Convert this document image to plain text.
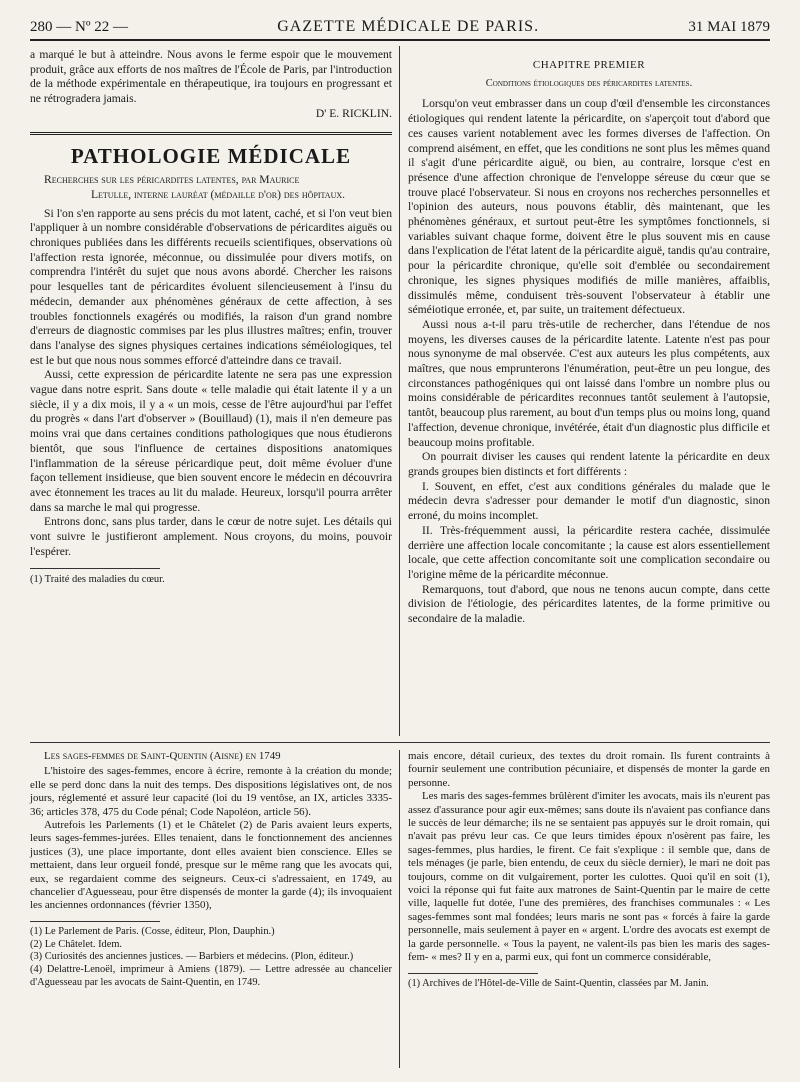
280 — Nº 22 —	GAZETTE MÉDICALE DE PARIS.	31 MAI 1879

a marqué le but à atteindre. Nous avons le ferme espoir que le mouvement produit, grâce aux efforts de nos maîtres de l'École de Paris, par l'introduction de la méthode expérimentale en thérapeutique, ira toujours en progressant et ne rétrogradera jamais.

D' E. RICKLIN.

PATHOLOGIE MÉDICALE

Recherches sur les péricardites latentes, par Maurice
Letulle, interne lauréat (médaille d'or) des hôpitaux.

Si l'on s'en rapporte au sens précis du mot latent, caché, et si l'on veut bien l'appliquer à un nombre considérable d'observations de péricardites aiguës ou chroniques publiées dans les différents recueils scientifiques, observations où l'affection resta ignorée, méconnue, ou dissimulée pour divers motifs, on comprendra l'intérêt du sujet que nous avons abordé. Chercher les raisons pour lesquelles tant de péricardites évoluent silencieusement à l'insu du médecin, demander aux phénomènes généraux de cette affection, à ses troubles fonctionnels exagérés ou modifiés, la raison d'un grand nombre d'erreurs de diagnostic commises par les plus illustres maîtres; enfin, trouver dans l'analyse des signes physiques certaines indications séméiologiques, tel est le but que nous nous sommes efforcé d'atteindre dans ce travail.

Aussi, cette expression de péricardite latente ne sera pas une expression vague dans notre esprit. Sans doute « telle maladie qui était latente il y a un siècle, il y a dix mois, il y a « un mois, cesse de l'être aujourd'hui par l'effet du progrès « dans l'art d'observer » (Bouillaud) (1), mais il n'en demeure pas moins vrai que dans certaines conditions pathologiques que nous étudierons bientôt, que sous l'influence de certaines dispositions anatomiques l'inflammation de la séreuse péricardique peut, doit même évoluer d'une façon tellement insidieuse, que bien souvent encore le médecin en découvrira avec étonnement les traces au lit du malade. Heureux, lorsqu'il pourra arrêter dans sa marche le mal qui progresse.

Entrons donc, sans plus tarder, dans le cœur de notre sujet. Les détails qui vont suivre le justifieront amplement. Nous croyons, du moins, pouvoir l'espérer.

(1) Traité des maladies du cœur.

CHAPITRE PREMIER
Conditions étiologiques des péricardites latentes.

Lorsqu'on veut embrasser dans un coup d'œil d'ensemble les circonstances étiologiques qui rendent latente la péricardite, on s'aperçoit tout d'abord que ces causes varient notablement avec les formes diverses de l'affection. On comprend aisément, en effet, que les conditions ne sont plus les mêmes quand il s'agit d'une péricardite aiguë, ou bien, au contraire, lorsque c'est en présence d'une affection chronique de l'enveloppe séreuse du cœur que se trouve placé l'observateur. Si nous en croyons nos recherches personnelles et l'opinion des auteurs, nous pouvons établir, dès maintenant, que les phénomènes généraux, et surtout peut-être les symptômes fonctionnels, si variables suivant chaque forme, doivent être le plus souvent mis en cause dans l'explication de l'état latent de la péricardite aiguë, tandis qu'au contraire, pour la péricardite chronique, qu'elle soit d'emblée ou secondairement chronique, les signes physiques modifiés de mille manières, affaiblis, dissimulés même, conduisent très-souvent l'observateur à établir une séméiotique erronée, et, par suite, un traitement défectueux.

Aussi nous a-t-il paru très-utile de rechercher, dans l'étendue de nos moyens, les diverses causes de la péricardite latente. Latente n'est pas pour nous synonyme de mal observée. C'est aux auteurs les plus compétents, aux maîtres, que nous emprunterons l'énumération, peut-être un peu longue, des circonstances pathogéniques qui ont laissé dans l'ombre un nombre plus ou moins considérable de péricardites reconnues tantôt seulement à l'autopsie, tantôt, beaucoup plus rarement, au bout d'un temps plus ou moins long, quand l'affection, devenue chronique, invétérée, était d'un diagnostic plus difficile et beaucoup moins profitable.

On pourrait diviser les causes qui rendent latente la péricardite en deux grands groupes bien distincts et fort différents :

I. Souvent, en effet, c'est aux conditions générales du malade que le médecin devra s'adresser pour demander le motif d'un diagnostic, sinon erroné, du moins incomplet.

II. Très-fréquemment aussi, la péricardite restera cachée, dissimulée derrière une affection locale concomitante ; la cause est alors essentiellement locale, que cette affection concomitante soit une complication secondaire ou l'origine même de la péricardite méconnue.

Remarquons, tout d'abord, que nous ne tenons aucun compte, dans cette division de l'étiologie, des péricardites latentes, de la forme primitive ou secondaire de la maladie.

Les sages-femmes de Saint-Quentin (Aisne) en 1749

L'histoire des sages-femmes, encore à écrire, remonte à la création du monde; elle se perd donc dans la nuit des temps. Des dispositions législatives ont, de nos jours, réglementé et assuré leur capacité (loi du 19 ventôse, an IX, articles 3335-36; articles 378, 475 du Code pénal; Code Napoléon, article 56).

Autrefois les Parlements (1) et le Châtelet (2) de Paris avaient leurs experts, leurs sages-femmes-jurées. Elles tenaient, dans le fonctionnement des anciennes justices (3), une place importante, dont elles avaient bien conscience. Elles se mettaient, dans leur orgueil fondé, presque sur le même rang que les avocats qui, eux, se regardaient comme des seigneurs. Ceux-ci s'adressaient, en 1749, au chancelier d'Aguesseau, pour être dispensés de monter la garde (4); ils invoquaient les anciennes ordonnances (février 1350),

(1) Le Parlement de Paris. (Cosse, éditeur, Plon, Dauphin.)

(2) Le Châtelet. Idem.

(3) Curiosités des anciennes justices. — Barbiers et médecins. (Plon, éditeur.)

(4) Delattre-Lenoël, imprimeur à Amiens (1879). — Lettre adressée au chancelier d'Aguesseau par les avocats de Saint-Quentin, en 1749.

mais encore, détail curieux, des textes du droit romain. Ils furent contraints à fournir seulement une contribution pécuniaire, et dispensés de monter la garde en personne.

Les maris des sages-femmes brûlèrent d'imiter les avocats, mais ils n'eurent pas assez d'assurance pour agir eux-mêmes; sans doute ils n'avaient pas confiance dans le succès de leur démarche; ils ne se sentaient pas appuyés sur le droit romain, qui n'avait pas prévu leur cas. Ce que leurs timides époux n'osèrent pas faire, les sages-femmes, plus hardies, le firent. Ce fait s'explique : il semble que, dans de tels ménages (je parle, bien entendu, de ceux du siècle dernier), le mari ne doit pas toujours, comme on dit vulgairement, porter les culottes. Quoi qu'il en soit (1), voici la réponse qui fut faite aux matrones de Saint-Quentin par le maire de cette ville, laquelle fut dotée, l'une des premières, des franchises communales : « Les sages-femmes sont mal fondées; leurs maris ne sont pas « forcés à faire la garde personnelle, mais seulement à payer en « argent. L'ordre des avocats est exempt de la garde personnelle. « Tous la payent, ne valent-ils pas bien les maris des sages-fem- « mes? Il y en a, parmi eux, qui font un commerce considérable,

(1) Archives de l'Hôtel-de-Ville de Saint-Quentin, classées par M. Janin.
